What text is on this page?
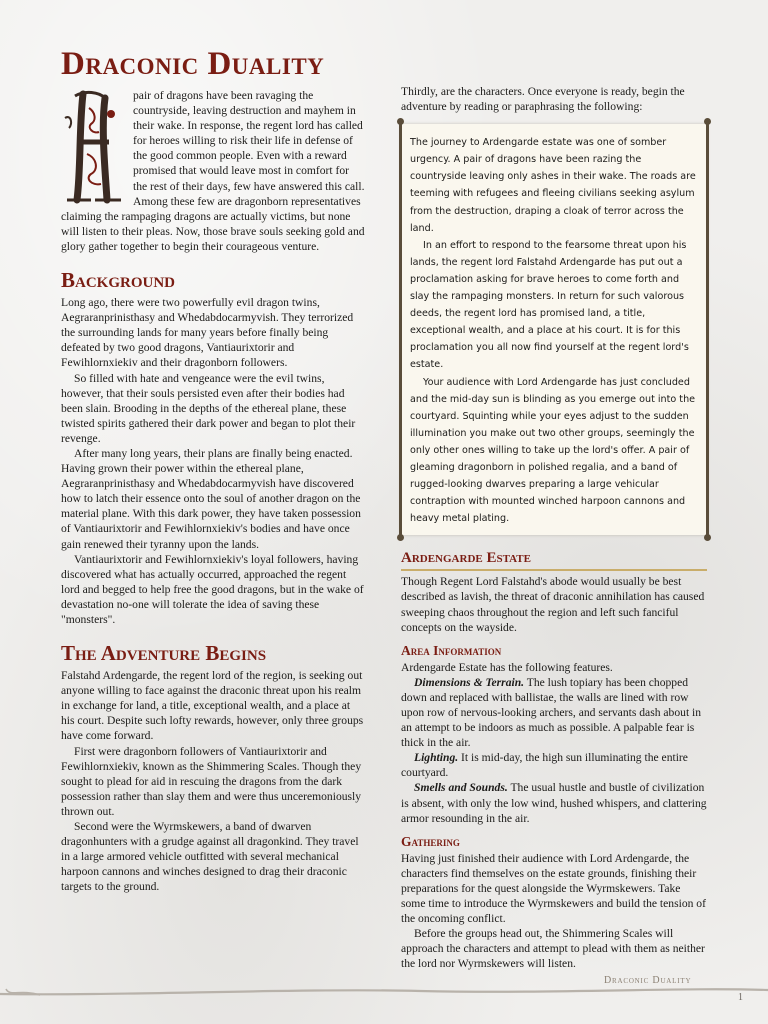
Draconic Duality

pair of dragons have been ravaging the countryside, leaving destruction and mayhem in their wake. In response, the regent lord has called for heroes willing to risk their life in defense of the good common people. Even with a reward promised that would leave most in comfort for the rest of their days, few have answered this call. Among these few are dragonborn representatives claiming the rampaging dragons are actually victims, but none will listen to their pleas. Now, those brave souls seeking gold and glory gather together to begin their courageous venture.

Background

Long ago, there were two powerfully evil dragon twins, Aegraranprinisthasy and Whedabdocarmyvish. They terrorized the surrounding lands for many years before finally being defeated by two good dragons, Vantiaurixtorir and Fewihlornxiekiv and their dragonborn followers.

So filled with hate and vengeance were the evil twins, however, that their souls persisted even after their bodies had been slain. Brooding in the depths of the ethereal plane, these twisted spirits gathered their dark power and began to plot their revenge.

After many long years, their plans are finally being enacted. Having grown their power within the ethereal plane, Aegraranprinisthasy and Whedabdocarmyvish have discovered how to latch their essence onto the soul of another dragon on the material plane. With this dark power, they have taken possession of Vantiaurixtorir and Fewihlornxiekiv's bodies and have once gain renewed their tyranny upon the lands.

Vantiaurixtorir and Fewihlornxiekiv's loyal followers, having discovered what has actually occurred, approached the regent lord and begged to help free the good dragons, but in the wake of devastation no-one will tolerate the idea of saving these "monsters".

The Adventure Begins

Falstahd Ardengarde, the regent lord of the region, is seeking out anyone willing to face against the draconic threat upon his realm in exchange for land, a title, exceptional wealth, and a place at his court. Despite such lofty rewards, however, only three groups have come forward.

First were dragonborn followers of Vantiaurixtorir and Fewihlornxiekiv, known as the Shimmering Scales. Though they sought to plead for aid in rescuing the dragons from the dark possession rather than slay them and were thus unceremoniously thrown out.

Second were the Wyrmskewers, a band of dwarven dragonhunters with a grudge against all dragonkind. They travel in a large armored vehicle outfitted with several mechanical harpoon cannons and winches designed to drag their draconic targets to the ground.

Thirdly, are the characters. Once everyone is ready, begin the adventure by reading or paraphrasing the following:

The journey to Ardengarde estate was one of somber urgency. A pair of dragons have been razing the countryside leaving only ashes in their wake. The roads are teeming with refugees and fleeing civilians seeking asylum from the destruction, draping a cloak of terror across the land.

In an effort to respond to the fearsome threat upon his lands, the regent lord Falstahd Ardengarde has put out a proclamation asking for brave heroes to come forth and slay the rampaging monsters. In return for such valorous deeds, the regent lord has promised land, a title, exceptional wealth, and a place at his court. It is for this proclamation you all now find yourself at the regent lord's estate.

Your audience with Lord Ardengarde has just concluded and the mid-day sun is blinding as you emerge out into the courtyard. Squinting while your eyes adjust to the sudden illumination you make out two other groups, seemingly the only other ones willing to take up the lord's offer. A pair of gleaming dragonborn in polished regalia, and a band of rugged-looking dwarves preparing a large vehicular contraption with mounted winched harpoon cannons and heavy metal plating.

Ardengarde Estate

Though Regent Lord Falstahd's abode would usually be best described as lavish, the threat of draconic annihilation has caused sweeping chaos throughout the region and left such fanciful concepts on the wayside.

Area Information

Ardengarde Estate has the following features.

Dimensions & Terrain. The lush topiary has been chopped down and replaced with ballistae, the walls are lined with row upon row of nervous-looking archers, and servants dash about in an attempt to be indoors as much as possible. A palpable fear is thick in the air.

Lighting. It is mid-day, the high sun illuminating the entire courtyard.

Smells and Sounds. The usual hustle and bustle of civilization is absent, with only the low wind, hushed whispers, and clattering armor resounding in the air.

Gathering

Having just finished their audience with Lord Ardengarde, the characters find themselves on the estate grounds, finishing their preparations for the quest alongside the Wyrmskewers. Take some time to introduce the Wyrmskewers and build the tension of the oncoming conflict.

Before the groups head out, the Shimmering Scales will approach the characters and attempt to plead with them as neither the lord nor Wyrmskewers will listen.

Draconic Duality
1
